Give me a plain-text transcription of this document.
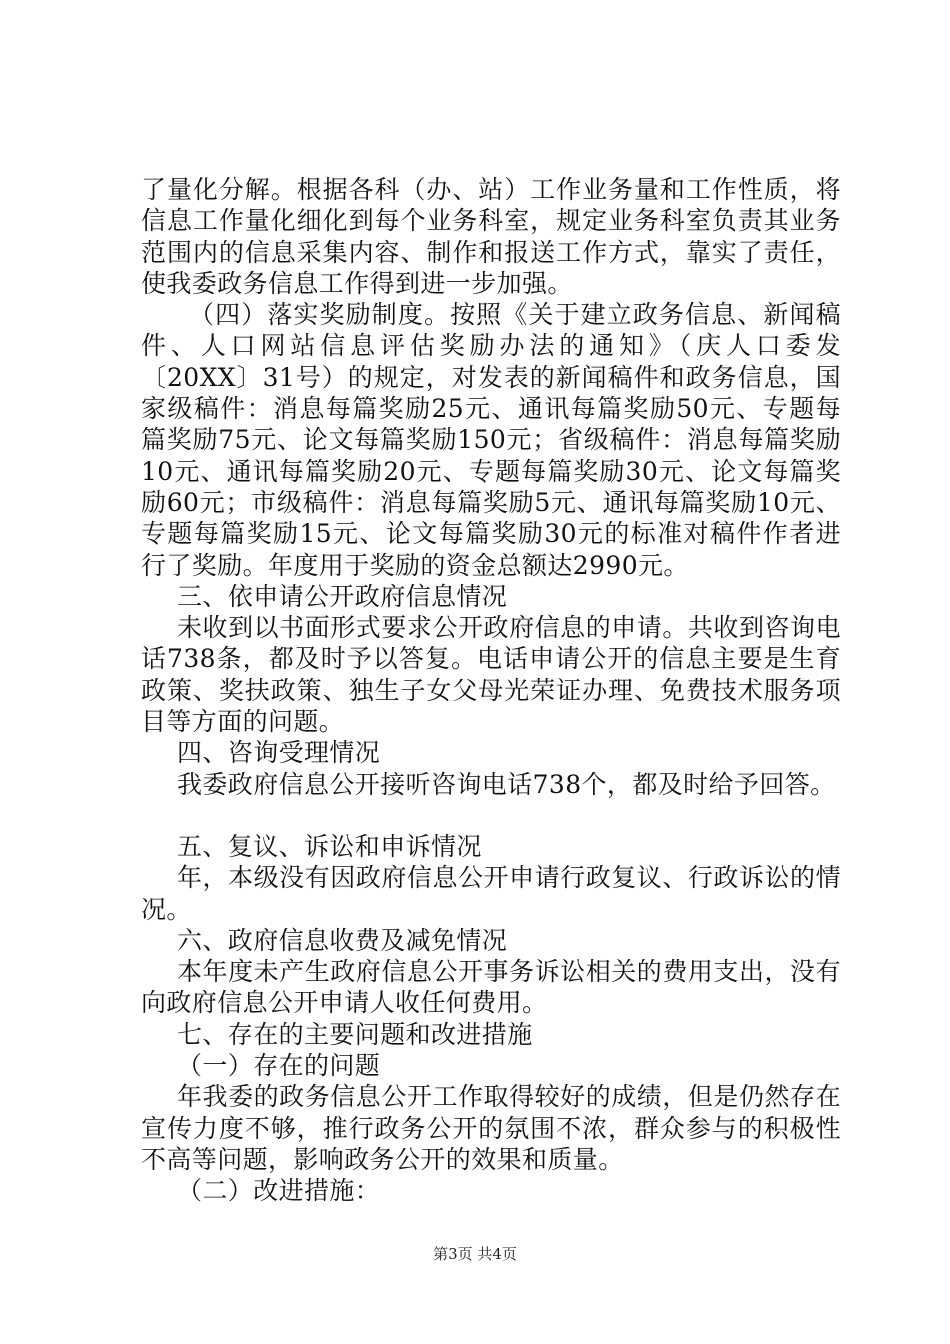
了量化分解。根据各科（办、站）工作业务量和工作性质，将信息工作量化细化到每个业务科室，规定业务科室负责其业务范围内的信息采集内容、制作和报送工作方式，靠实了责任，使我委政务信息工作得到进一步加强。

（四）落实奖励制度。按照《关于建立政务信息、新闻稿件、人口网站信息评估奖励办法的通知》（庆人口委发〔20XX〕31号）的规定，对发表的新闻稿件和政务信息，国家级稿件：消息每篇奖励25元、通讯每篇奖励50元、专题每篇奖励75元、论文每篇奖励150元；省级稿件：消息每篇奖励10元、通讯每篇奖励20元、专题每篇奖励30元、论文每篇奖励60元；市级稿件：消息每篇奖励5元、通讯每篇奖励10元、专题每篇奖励15元、论文每篇奖励30元的标准对稿件作者进行了奖励。年度用于奖励的资金总额达2990元。

三、依申请公开政府信息情况

未收到以书面形式要求公开政府信息的申请。共收到咨询电话738条，都及时予以答复。电话申请公开的信息主要是生育政策、奖扶政策、独生子女父母光荣证办理、免费技术服务项目等方面的问题。

四、咨询受理情况

我委政府信息公开接听咨询电话738个，都及时给予回答。

五、复议、诉讼和申诉情况

年，本级没有因政府信息公开申请行政复议、行政诉讼的情况。

六、政府信息收费及减免情况

本年度未产生政府信息公开事务诉讼相关的费用支出，没有向政府信息公开申请人收任何费用。

七、存在的主要问题和改进措施

（一）存在的问题

年我委的政务信息公开工作取得较好的成绩，但是仍然存在宣传力度不够，推行政务公开的氛围不浓，群众参与的积极性不高等问题，影响政务公开的效果和质量。

（二）改进措施：

第3页 共4页
